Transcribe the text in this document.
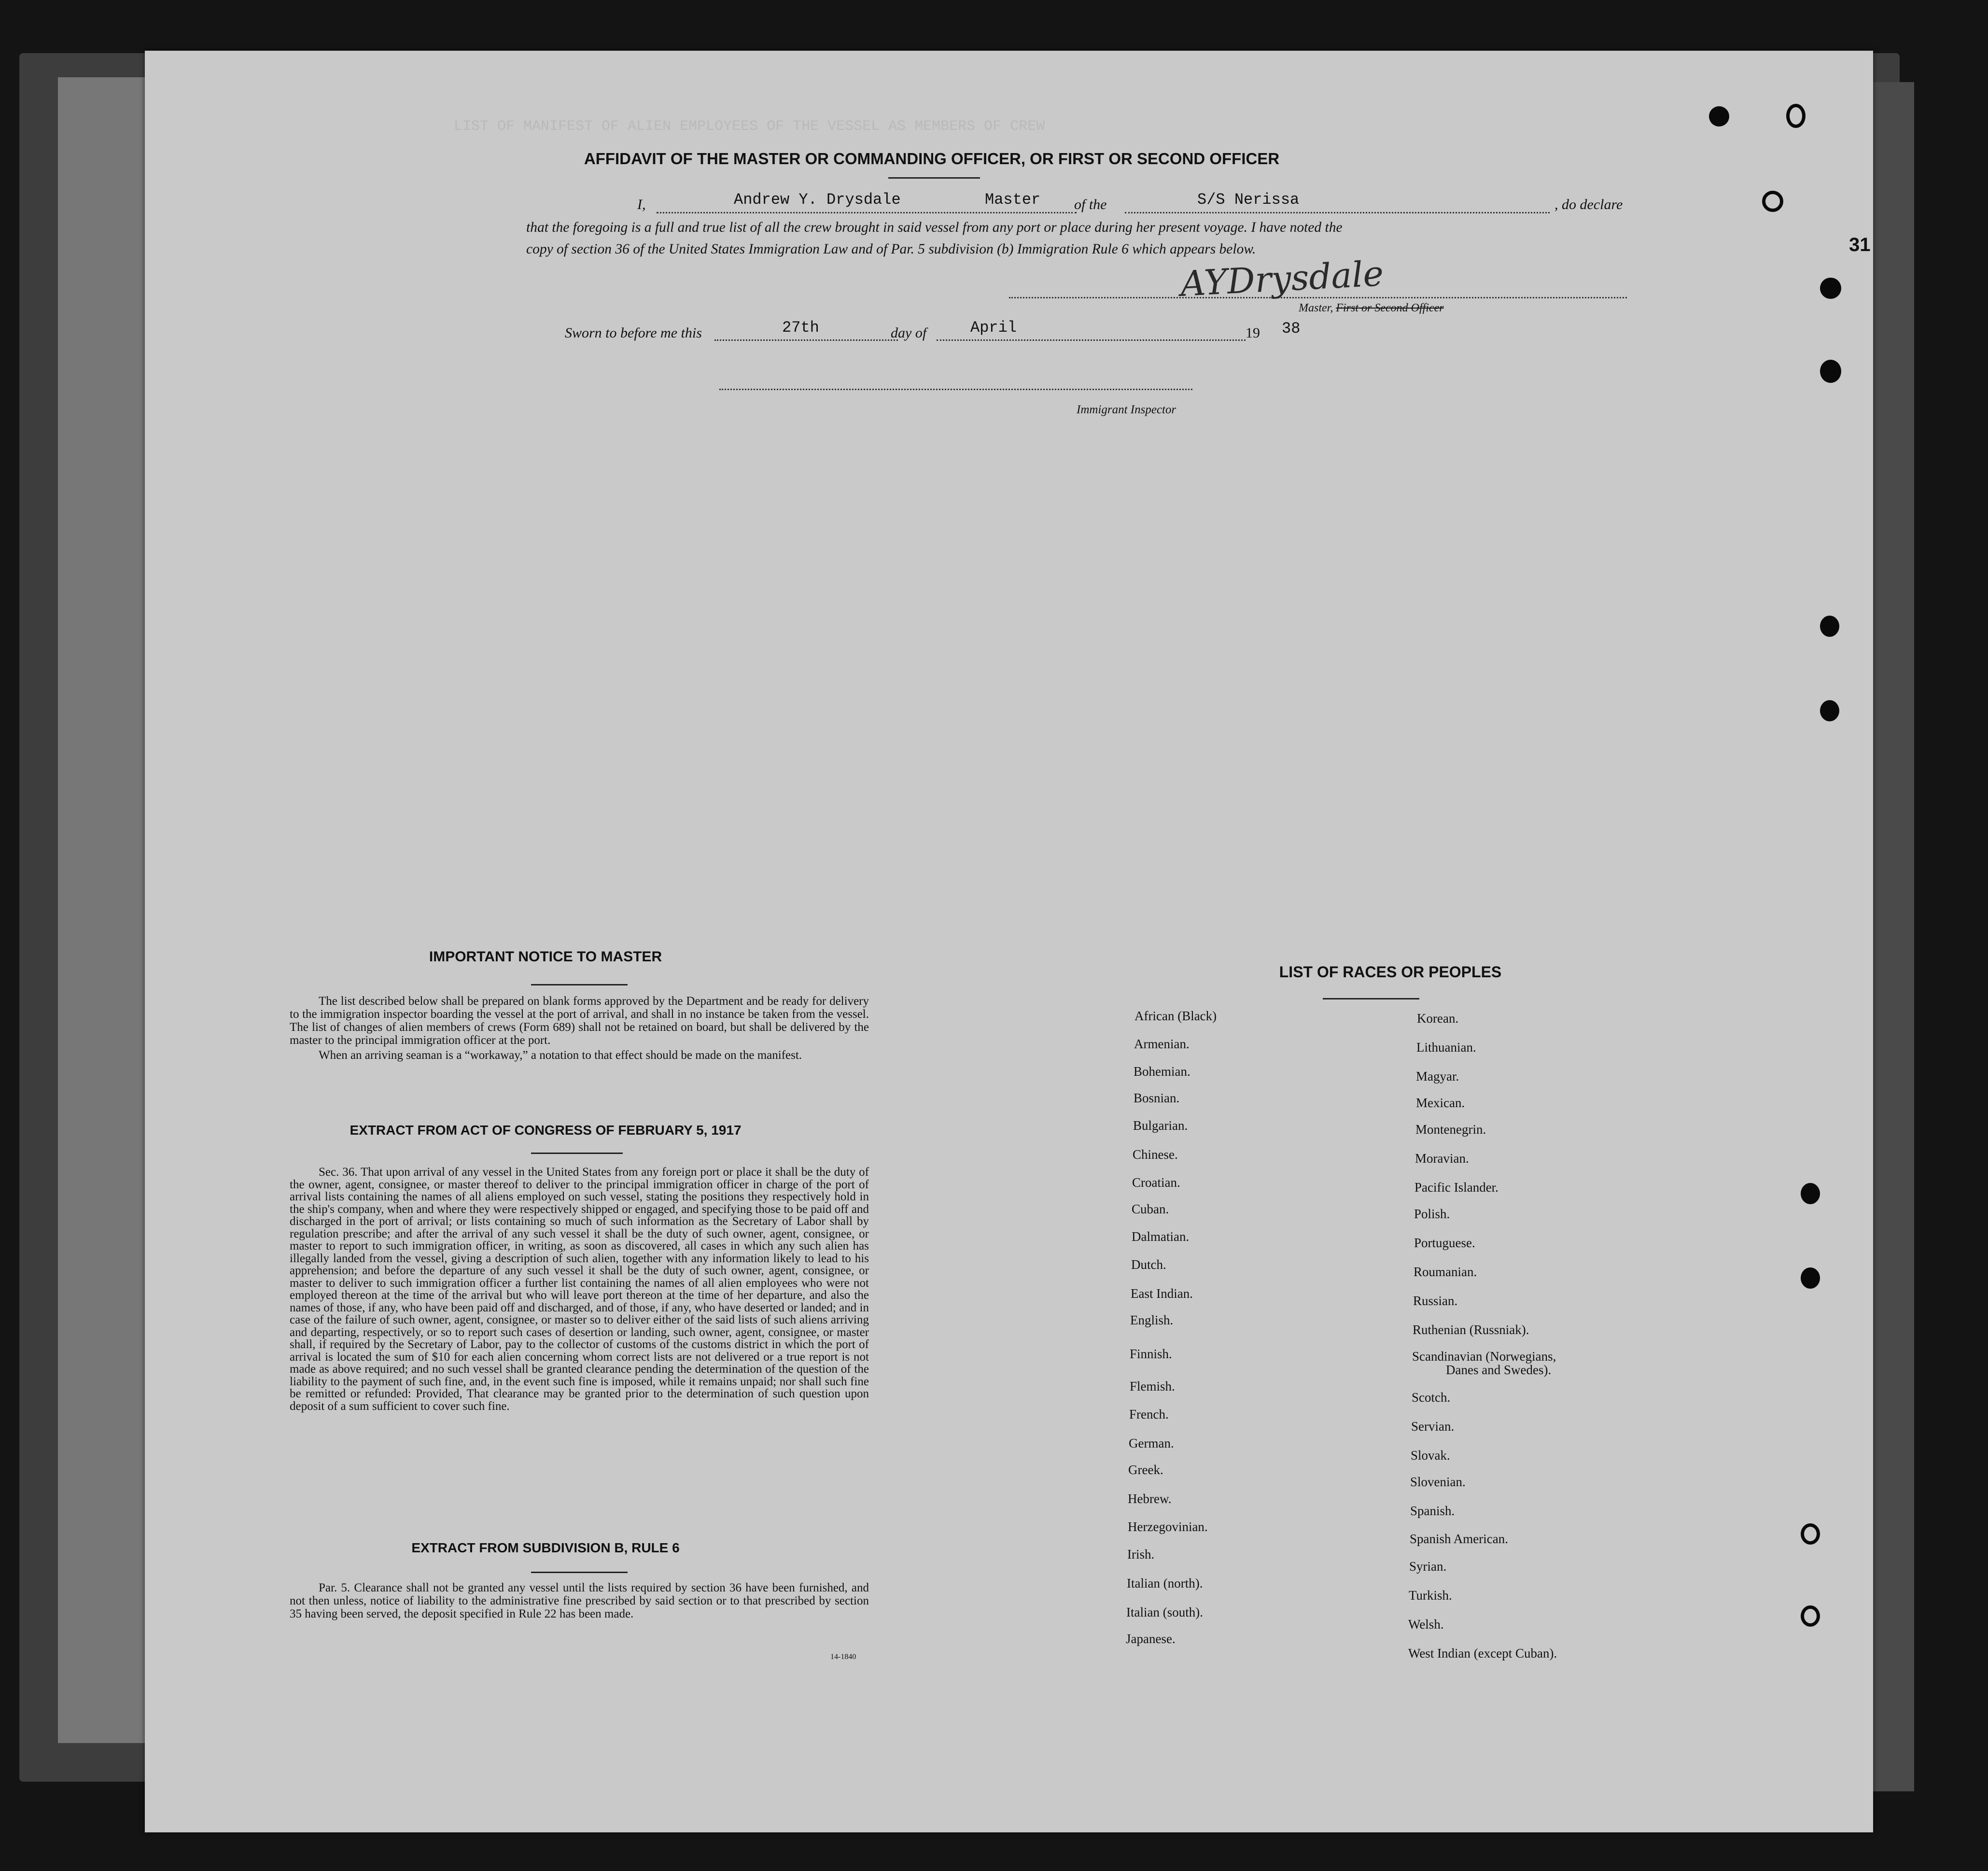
LIST OF MANIFEST OF ALIEN EMPLOYEES OF THE VESSEL AS MEMBERS OF CREW
31
AFFIDAVIT OF THE MASTER OR COMMANDING OFFICER, OR FIRST OR SECOND OFFICER
I,	Andrew Y. Drysdale	Master of the	S/S Nerissa	, do declare
that the foregoing is a full and true list of all the crew brought in said vessel from any port or place during her present voyage. I have noted the
copy of section 36 of the United States Immigration Law and of Par. 5 subdivision (b) Immigration Rule 6 which appears below.
AYDrysdale
Master, First or Second Officer
Sworn to before me this	27th	day of	April	19 38
Immigrant Inspector
IMPORTANT NOTICE TO MASTER

The list described below shall be prepared on blank forms approved by the Department and be ready for delivery to the immigration inspector boarding the vessel at the port of arrival, and shall in no instance be taken from the vessel. The list of changes of alien members of crews (Form 689) shall not be retained on board, but shall be delivered by the master to the principal immigration officer at the port.

When an arriving seaman is a “workaway,” a notation to that effect should be made on the manifest.

EXTRACT FROM ACT OF CONGRESS OF FEBRUARY 5, 1917

Sec. 36. That upon arrival of any vessel in the United States from any foreign port or place it shall be the duty of the owner, agent, consignee, or master thereof to deliver to the principal immigration officer in charge of the port of arrival lists containing the names of all aliens employed on such vessel, stating the positions they respectively hold in the ship's company, when and where they were respectively shipped or engaged, and specifying those to be paid off and discharged in the port of arrival; or lists containing so much of such information as the Secretary of Labor shall by regulation prescribe; and after the arrival of any such vessel it shall be the duty of such owner, agent, consignee, or master to report to such immigration officer, in writing, as soon as discovered, all cases in which any such alien has illegally landed from the vessel, giving a description of such alien, together with any information likely to lead to his apprehension; and before the departure of any such vessel it shall be the duty of such owner, agent, consignee, or master to deliver to such immigration officer a further list containing the names of all alien employees who were not employed thereon at the time of the arrival but who will leave port thereon at the time of her departure, and also the names of those, if any, who have been paid off and discharged, and of those, if any, who have deserted or landed; and in case of the failure of such owner, agent, consignee, or master so to deliver either of the said lists of such aliens arriving and departing, respectively, or so to report such cases of desertion or landing, such owner, agent, consignee, or master shall, if required by the Secretary of Labor, pay to the collector of customs of the customs district in which the port of arrival is located the sum of $10 for each alien concerning whom correct lists are not delivered or a true report is not made as above required; and no such vessel shall be granted clearance pending the determination of the question of the liability to the payment of such fine, and, in the event such fine is imposed, while it remains unpaid; nor shall such fine be remitted or refunded: Provided, That clearance may be granted prior to the determination of such question upon deposit of a sum sufficient to cover such fine.

EXTRACT FROM SUBDIVISION B, RULE 6

Par. 5. Clearance shall not be granted any vessel until the lists required by section 36 have been furnished, and not then unless, notice of liability to the administrative fine prescribed by said section or to that prescribed by section 35 having been served, the deposit specified in Rule 22 has been made.

14-1840
LIST OF RACES OR PEOPLES
African (Black)
Armenian.
Bohemian.
Bosnian.
Bulgarian.
Chinese.
Croatian.
Cuban.
Dalmatian.
Dutch.
East Indian.
English.
Finnish.
Flemish.
French.
German.
Greek.
Hebrew.
Herzegovinian.
Irish.
Italian (north).
Italian (south).
Japanese.
Korean.
Lithuanian.
Magyar.
Mexican.
Montenegrin.
Moravian.
Pacific Islander.
Polish.
Portuguese.
Roumanian.
Russian.
Ruthenian (Russniak).
Scandinavian (Norwegians,
Danes and Swedes).
Scotch.
Servian.
Slovak.
Slovenian.
Spanish.
Spanish American.
Syrian.
Turkish.
Welsh.
West Indian (except Cuban).
